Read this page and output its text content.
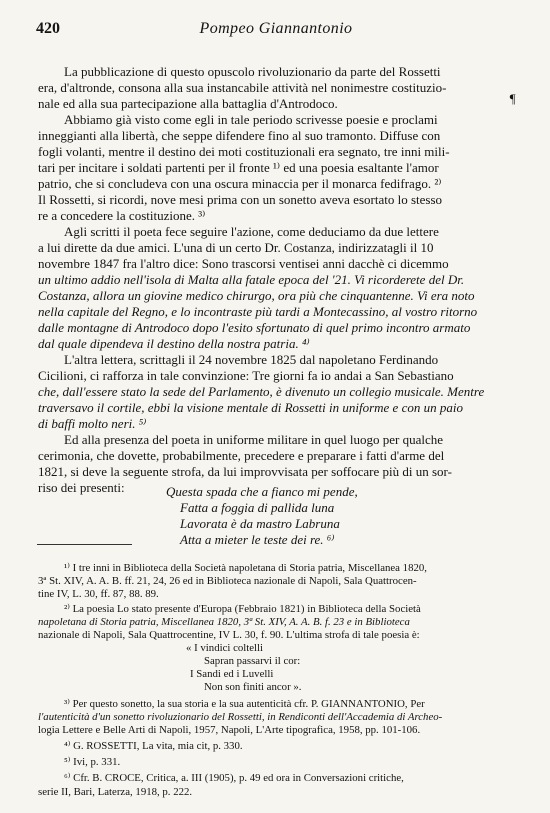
420	Pompeo Giannantonio
¶
La pubblicazione di questo opuscolo rivoluzionario da parte del Rossetti
era, d'altronde, consona alla sua instancabile attività nel nonimestre costituzio-
nale ed alla sua partecipazione alla battaglia d'Antrodoco.
Abbiamo già visto come egli in tale periodo scrivesse poesie e proclami
inneggianti alla libertà, che seppe difendere fino al suo tramonto. Diffuse con
fogli volanti, mentre il destino dei moti costituzionali era segnato, tre inni mili-
tari per incitare i soldati partenti per il fronte ¹⁾ ed una poesia esaltante l'amor
patrio, che si concludeva con una oscura minaccia per il monarca fedifrago. ²⁾
Il Rossetti, si ricordi, nove mesi prima con un sonetto aveva esortato lo stesso
re a concedere la costituzione. ³⁾
Agli scritti il poeta fece seguire l'azione, come deduciamo da due lettere
a lui dirette da due amici. L'una di un certo Dr. Costanza, indirizzatagli il 10
novembre 1847 fra l'altro dice: Sono trascorsi ventisei anni dacchè ci dicemmo
un ultimo addio nell'isola di Malta alla fatale epoca del '21. Vi ricorderete del Dr.
Costanza, allora un giovine medico chirurgo, ora più che cinquantenne. Vi era noto
nella capitale del Regno, e lo incontraste più tardi a Montecassino, al vostro ritorno
dalle montagne di Antrodoco dopo l'esito sfortunato di quel primo incontro armato
dal quale dipendeva il destino della nostra patria. ⁴⁾
L'altra lettera, scrittagli il 24 novembre 1825 dal napoletano Ferdinando
Cicilioni, ci rafforza in tale convinzione: Tre giorni fa io andai a San Sebastiano
che, dall'essere stato la sede del Parlamento, è divenuto un collegio musicale. Mentre
traversavo il cortile, ebbi la visione mentale di Rossetti in uniforme e con un paio
di baffi molto neri. ⁵⁾
Ed alla presenza del poeta in uniforme militare in quel luogo per qualche
cerimonia, che dovette, probabilmente, precedere e preparare i fatti d'arme del
1821, si deve la seguente strofa, da lui improvvisata per soffocare più di un sor-
riso dei presenti:	Questa spada che a fianco mi pende,
Fatta a foggia di pallida luna
Lavorata è da mastro Labruna
Atta a mieter le teste dei re. ⁶⁾
¹⁾ I tre inni in Biblioteca della Società napoletana di Storia patria, Miscellanea 1820,
3ª St. XIV, A. A. B. ff. 21, 24, 26 ed in Biblioteca nazionale di Napoli, Sala Quattrocen-
tine IV, L. 30, ff. 87, 88. 89.
²⁾ La poesia Lo stato presente d'Europa (Febbraio 1821) in Biblioteca della Società
napoletana di Storia patria, Miscellanea 1820, 3ª St. XIV, A. A. B. f. 23 e in Biblioteca
nazionale di Napoli, Sala Quattrocentine, IV L. 30, f. 90. L'ultima strofa di tale poesia è:
« I vindici coltelli
Sapran passarvi il cor:
I Sandi ed i Luvelli
Non son finiti ancor ».
³⁾ Per questo sonetto, la sua storia e la sua autenticità cfr. P. GIANNANTONIO, Per
l'autenticità d'un sonetto rivoluzionario del Rossetti, in Rendiconti dell'Accademia di Archeo-
logia Lettere e Belle Arti di Napoli, 1957, Napoli, L'Arte tipografica, 1958, pp. 101-106.
⁴⁾ G. ROSSETTI, La vita, mia cit, p. 330.
⁵⁾ Ivi, p. 331.
⁶⁾ Cfr. B. CROCE, Critica, a. III (1905), p. 49 ed ora in Conversazioni critiche,
serie II, Bari, Laterza, 1918, p. 222.
